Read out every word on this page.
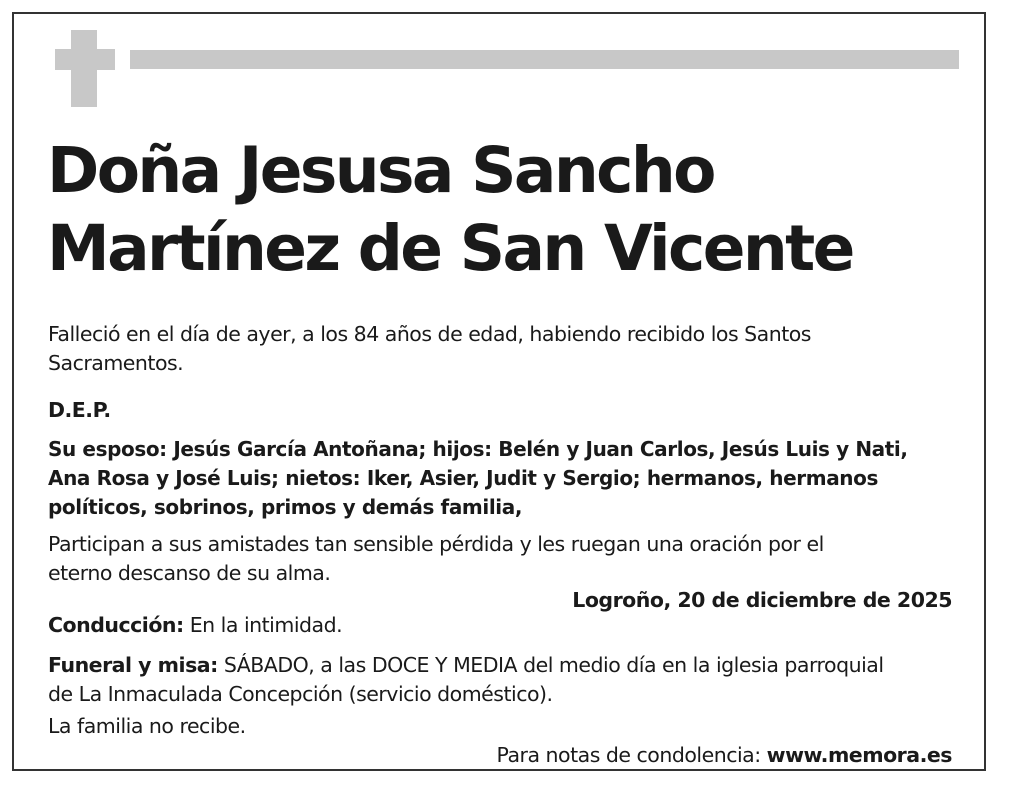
Doña Jesusa Sancho
Martínez de San Vicente

Falleció en el día de ayer, a los 84 años de edad, habiendo recibido los Santos
Sacramentos.

D.E.P.

Su esposo: Jesús García Antoñana; hijos: Belén y Juan Carlos, Jesús Luis y Nati,
Ana Rosa y José Luis; nietos: Iker, Asier, Judit y Sergio; hermanos, hermanos
políticos, sobrinos, primos y demás familia,

Participan a sus amistades tan sensible pérdida y les ruegan una oración por el
eterno descanso de su alma.

Logroño, 20 de diciembre de 2025

Conducción: En la intimidad.

Funeral y misa: SÁBADO, a las DOCE Y MEDIA del medio día en la iglesia parroquial
de La Inmaculada Concepción (servicio doméstico).

La familia no recibe.

Para notas de condolencia: www.memora.es
